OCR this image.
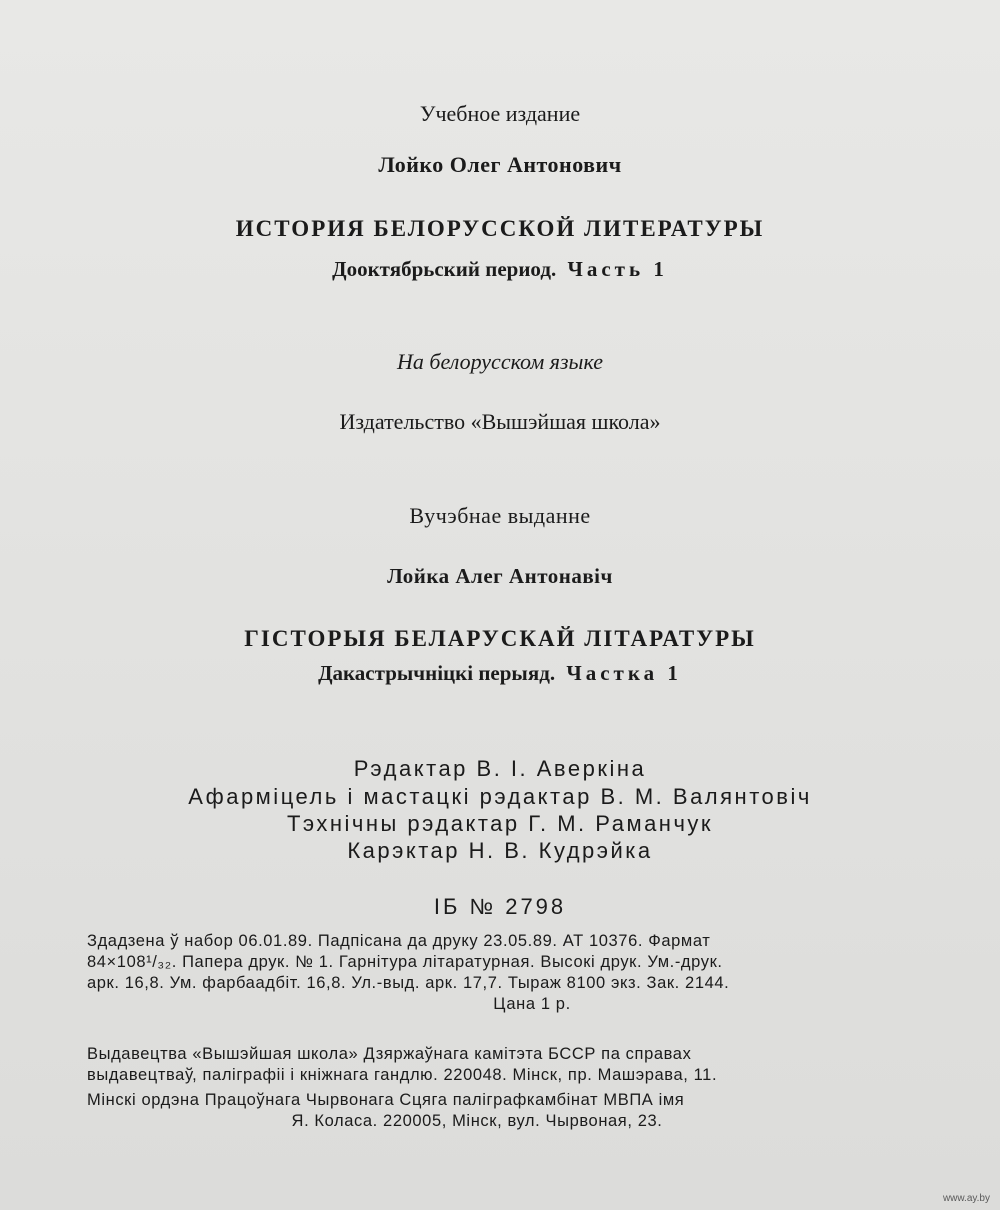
Учебное издание
Лойко Олег Антонович
ИСТОРИЯ БЕЛОРУССКОЙ ЛИТЕРАТУРЫ
Дооктябрьский период. Часть 1
На белорусском языке
Издательство «Вышэйшая школа»
Вучэбнае выданне
Лойка Алег Антонавіч
ГІСТОРЫЯ БЕЛАРУСКАЙ ЛІТАРАТУРЫ
Дакастрычніцкі перыяд. Частка 1
Рэдактар В. І. Аверкіна
Афармiцель і мастацкі рэдактар В. М. Валянтовіч
Тэхнічны рэдактар Г. М. Раманчук
Карэктар Н. В. Кудрэйка
ІБ № 2798
Здадзена ў набор 06.01.89. Падпісана да друку 23.05.89. АТ 10376. Фармат
84×108¹/₃₂. Папера друк. № 1. Гарнітура літаратурная. Высокі друк. Ум.-друк.
арк. 16,8. Ум. фарбаадбіт. 16,8. Ул.-выд. арк. 17,7. Тыраж 8100 экз. Зак. 2144.
Цана 1 р.
Выдавецтва «Вышэйшая школа» Дзяржаўнага камітэта БССР па справах
выдавецтваў, паліграфіі і кніжнага гандлю. 220048. Мінск, пр. Машэрава, 11.
Мінскі ордэна Працоўнага Чырвонага Сцяга паліграфкамбінат МВПА імя
Я. Коласа. 220005, Мінск, вул. Чырвоная, 23.
www.ay.by
